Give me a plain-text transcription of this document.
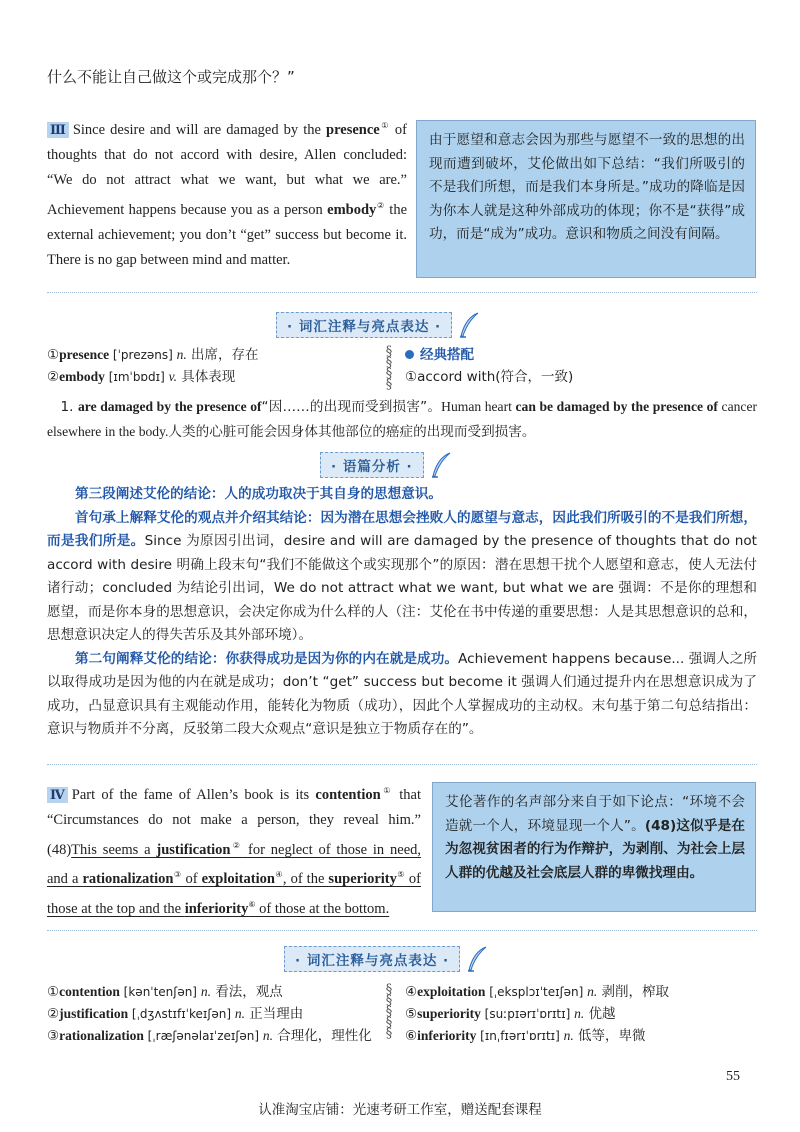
什么不能让自己做这个或完成那个？”
Ⅲ Since desire and will are damaged by the presence① of thoughts that do not accord with desire, Allen concluded: “We do not attract what we want, but what we are.” Achievement happens because you as a person embody② the external achievement; you don’t “get” success but become it. There is no gap between mind and matter.
由于愿望和意志会因为那些与愿望不一致的思想的出现而遭到破坏，艾伦做出如下总结：“我们所吸引的不是我们所想，而是我们本身所是。”成功的降临是因为你本人就是这种外部成功的体现；你不是“获得”成功，而是“成为”成功。意识和物质之间没有间隔。
· 词汇注释与亮点表达 ·
①presence [ˈprezəns] n. 出席，存在
②embody [ɪmˈbɒdɪ] v. 具体表现
§
§
§
§
经典搭配
①accord with(符合，一致)
1. are damaged by the presence of“因……的出现而受到损害”。Human heart can be damaged by the presence of cancer elsewhere in the body.人类的心脏可能会因身体其他部位的癌症的出现而受到损害。
· 语篇分析 ·
第三段阐述艾伦的结论：人的成功取决于其自身的思想意识。
首句承上解释艾伦的观点并介绍其结论：因为潜在思想会挫败人的愿望与意志，因此我们所吸引的不是我们所想，而是我们所是。Since 为原因引出词，desire and will are damaged by the presence of thoughts that do not accord with desire 明确上段末句“我们不能做这个或实现那个”的原因：潜在思想干扰个人愿望和意志，使人无法付诸行动；concluded 为结论引出词，We do not attract what we want, but what we are 强调：不是你的理想和愿望，而是你本身的思想意识，会决定你成为什么样的人（注：艾伦在书中传递的重要思想：人是其思想意识的总和，思想意识决定人的得失苦乐及其外部环境）。
第二句阐释艾伦的结论：你获得成功是因为你的内在就是成功。Achievement happens because... 强调人之所以取得成功是因为他的内在就是成功；don’t “get” success but become it 强调人们通过提升内在思想意识成为了成功，凸显意识具有主观能动作用，能转化为物质（成功），因此个人掌握成功的主动权。末句基于第二句总结指出：意识与物质并不分离，反驳第二段大众观点“意识是独立于物质存在的”。
Ⅳ Part of the fame of Allen’s book is its contention① that “Circumstances do not make a person, they reveal him.” (48)This seems a justification② for neglect of those in need, and a rationalization③ of exploitation④, of the superiority⑤ of those at the top and the inferiority⑥ of those at the bottom.
艾伦著作的名声部分来自于如下论点：“环境不会造就一个人，环境显现一个人”。(48)这似乎是在为忽视贫困者的行为作辩护，为剥削、为社会上层人群的优越及社会底层人群的卑微找理由。
· 词汇注释与亮点表达 ·
①contention [kənˈtenʃən] n. 看法，观点
②justification [ˌdʒʌstɪfɪˈkeɪʃən] n. 正当理由
③rationalization [ˌræʃənəlaɪˈzeɪʃən] n. 合理化，理性化
§
§
§
§
§
④exploitation [ˌeksplɔɪˈteɪʃən] n. 剥削，榨取
⑤superiority [suːpɪərɪˈɒrɪtɪ] n. 优越
⑥inferiority [ɪnˌfɪərɪˈɒrɪtɪ] n. 低等，卑微
55
认准淘宝店铺：光速考研工作室，赠送配套课程
